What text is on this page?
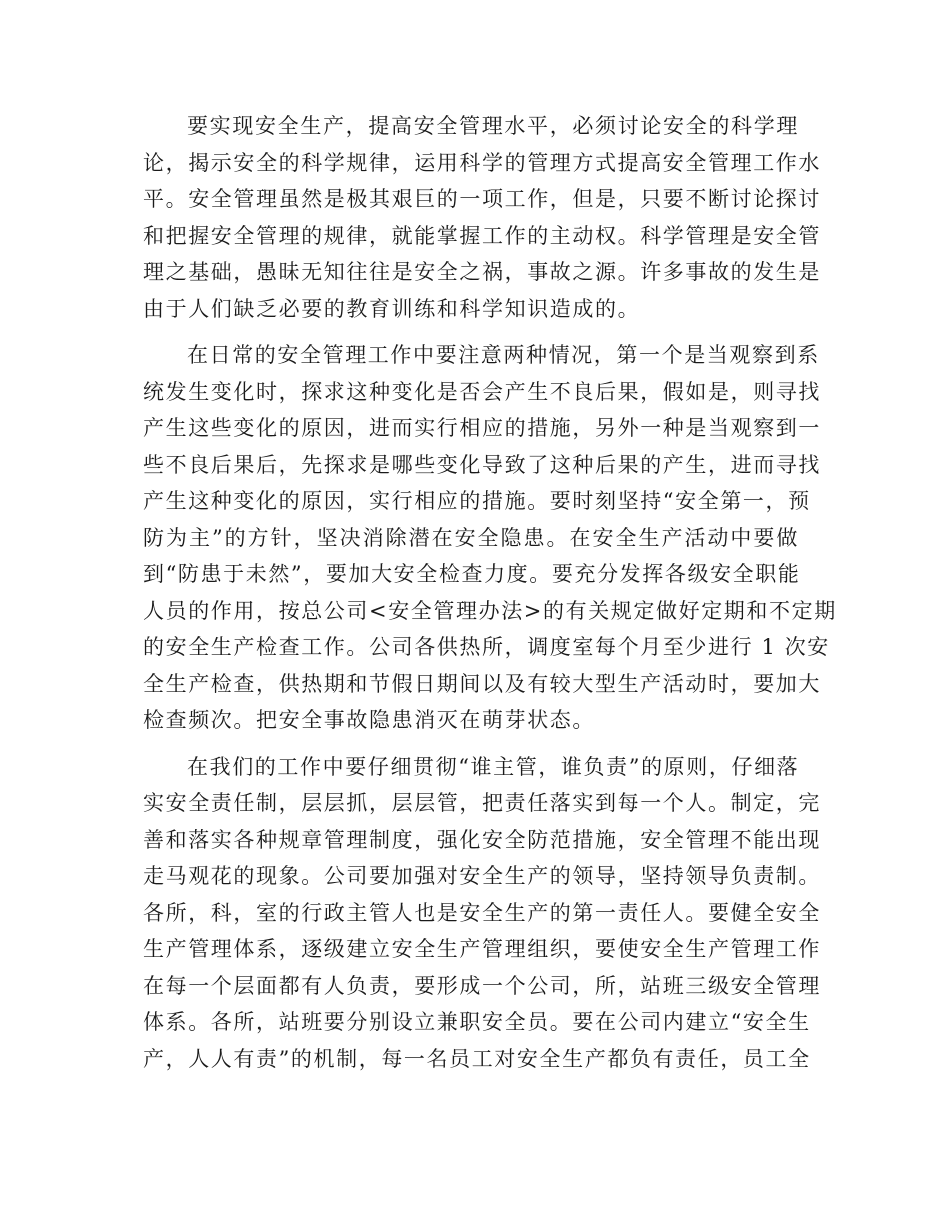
要实现安全生产，提高安全管理水平，必须讨论安全的科学理
论，揭示安全的科学规律，运用科学的管理方式提高安全管理工作水
平。安全管理虽然是极其艰巨的一项工作，但是，只要不断讨论探讨
和把握安全管理的规律，就能掌握工作的主动权。科学管理是安全管
理之基础，愚昧无知往往是安全之祸，事故之源。许多事故的发生是
由于人们缺乏必要的教育训练和科学知识造成的。
在日常的安全管理工作中要注意两种情况，第一个是当观察到系
统发生变化时，探求这种变化是否会产生不良后果，假如是，则寻找
产生这些变化的原因，进而实行相应的措施，另外一种是当观察到一
些不良后果后，先探求是哪些变化导致了这种后果的产生，进而寻找
产生这种变化的原因，实行相应的措施。要时刻坚持“安全第一，预
防为主”的方针，坚决消除潜在安全隐患。在安全生产活动中要做
到“防患于未然”，要加大安全检查力度。要充分发挥各级安全职能
人员的作用，按总公司<安全管理办法>的有关规定做好定期和不定期
的安全生产检查工作。公司各供热所，调度室每个月至少进行 1 次安
全生产检查，供热期和节假日期间以及有较大型生产活动时，要加大
检查频次。把安全事故隐患消灭在萌芽状态。
在我们的工作中要仔细贯彻“谁主管，谁负责”的原则，仔细落
实安全责任制，层层抓，层层管，把责任落实到每一个人。制定，完
善和落实各种规章管理制度，强化安全防范措施，安全管理不能出现
走马观花的现象。公司要加强对安全生产的领导，坚持领导负责制。
各所，科，室的行政主管人也是安全生产的第一责任人。要健全安全
生产管理体系，逐级建立安全生产管理组织，要使安全生产管理工作
在每一个层面都有人负责，要形成一个公司，所，站班三级安全管理
体系。各所，站班要分别设立兼职安全员。要在公司内建立“安全生
产，人人有责”的机制，每一名员工对安全生产都负有责任，员工全
